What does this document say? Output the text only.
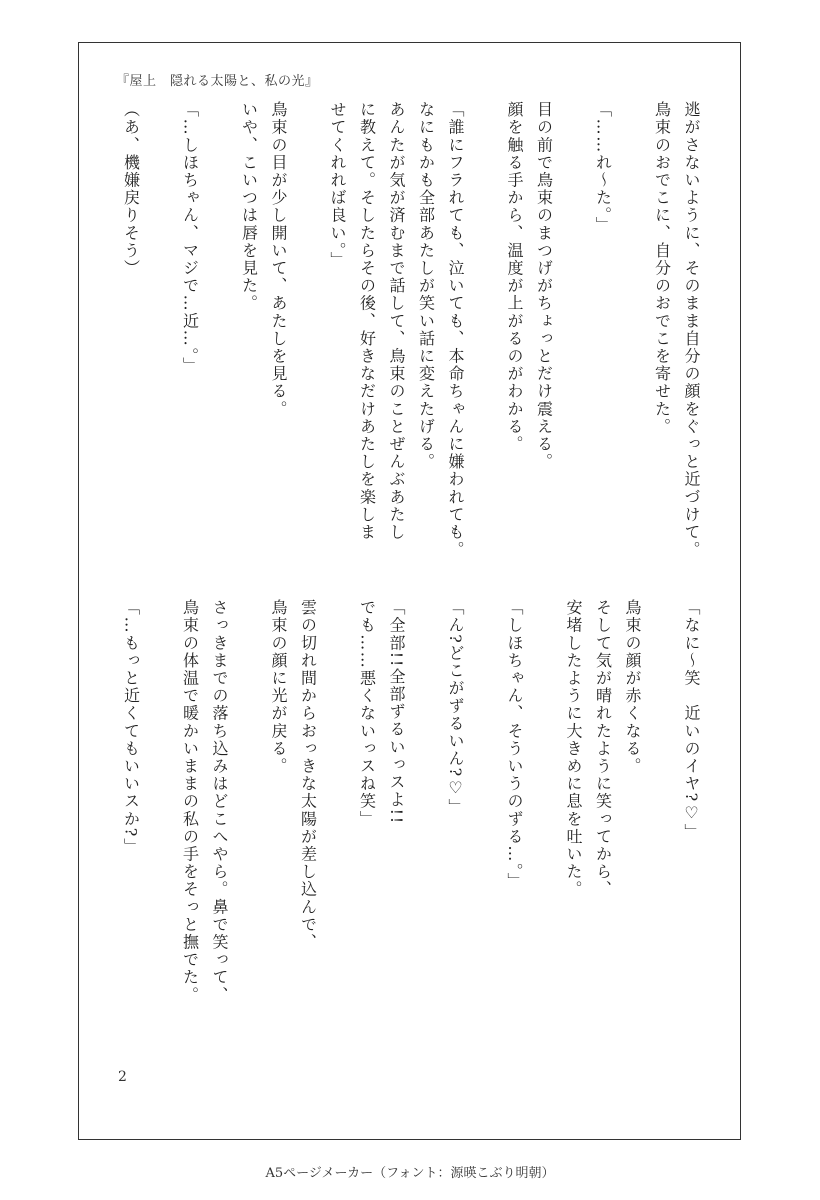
『屋上　隠れる太陽と、私の光』
逃がさないように、そのまま自分の顔をぐっと近づけて。
鳥束のおでこに、自分のおでこを寄せた。

「……れ〜た。」

目の前で鳥束のまつげがちょっとだけ震える。
顔を触る手から、温度が上がるのがわかる。

「誰にフラれても、泣いても、本命ちゃんに嫌われても。
なにもかも全部あたしが笑い話に変えたげる。
あんたが気が済むまで話して、鳥束のことぜんぶあたし
に教えて。そしたらその後、好きなだけあたしを楽しま
せてくれれば良い。」

鳥束の目が少し開いて、あたしを見る。
いや、こいつは唇を見た。

「…しほちゃん、マジで…近…。」

（あ、機嫌戻りそう）
「なに〜笑　近いのイヤ?♡」

鳥束の顔が赤くなる。
そして気が晴れたように笑ってから、
安堵したように大きめに息を吐いた。

「しほちゃん、そういうのずる…。」

「ん?どこがずるいん?♡」

「全部!!全部ずるいっスよ!!
でも……悪くないっスね笑」

雲の切れ間からおっきな太陽が差し込んで、
鳥束の顔に光が戻る。

さっきまでの落ち込みはどこへやら。鼻で笑って、
鳥束の体温で暖かいままの私の手をそっと撫でた。

「…もっと近くてもいいスか?」
2
A5ページメーカー（フォント：源暎こぶり明朝）
